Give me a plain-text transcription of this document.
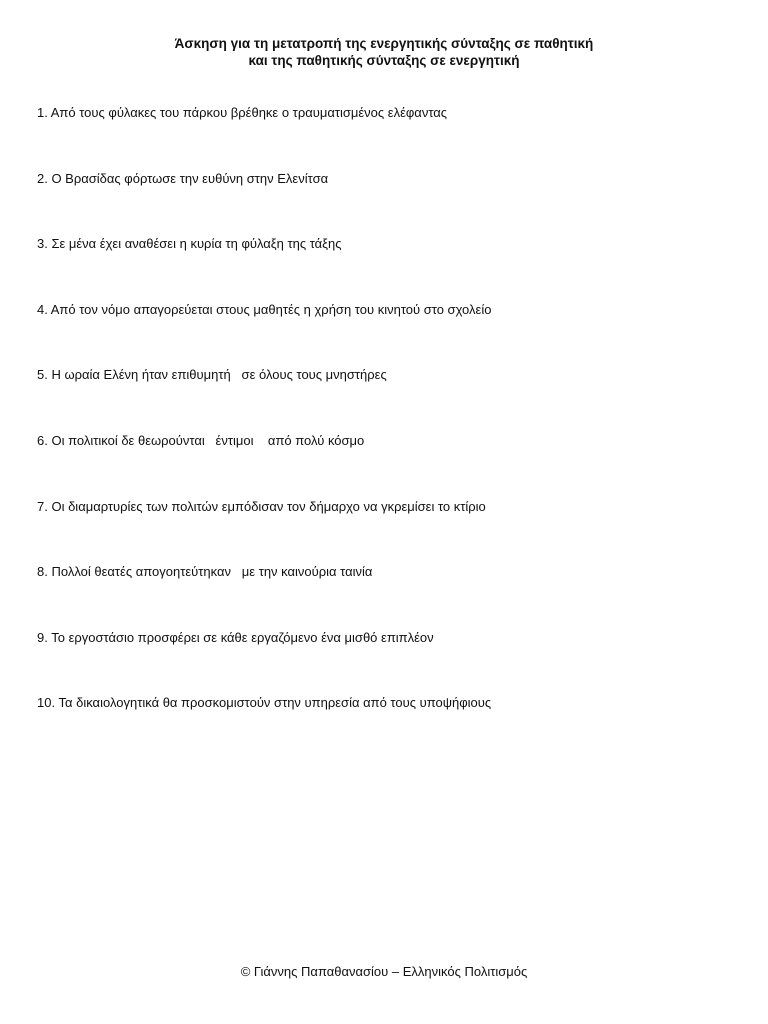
Άσκηση για τη μετατροπή της ενεργητικής σύνταξης σε παθητική
και της παθητικής σύνταξης σε ενεργητική
1. Από τους φύλακες του πάρκου βρέθηκε ο τραυματισμένος ελέφαντας
2. Ο Βρασίδας φόρτωσε την ευθύνη στην Ελενίτσα
3. Σε μένα έχει αναθέσει η κυρία τη φύλαξη της τάξης
4. Από τον νόμο απαγορεύεται στους μαθητές η χρήση του κινητού στο σχολείο
5. Η ωραία Ελένη ήταν επιθυμητή   σε όλους τους μνηστήρες
6. Οι πολιτικοί δε θεωρούνται   έντιμοι    από πολύ κόσμο
7. Οι διαμαρτυρίες των πολιτών εμπόδισαν τον δήμαρχο να γκρεμίσει το κτίριο
8. Πολλοί θεατές απογοητεύτηκαν   με την καινούρια ταινία
9. Το εργοστάσιο προσφέρει σε κάθε εργαζόμενο ένα μισθό επιπλέον
10. Τα δικαιολογητικά θα προσκομιστούν στην υπηρεσία από τους υποψήφιους
© Γιάννης Παπαθανασίου – Ελληνικός Πολιτισμός
